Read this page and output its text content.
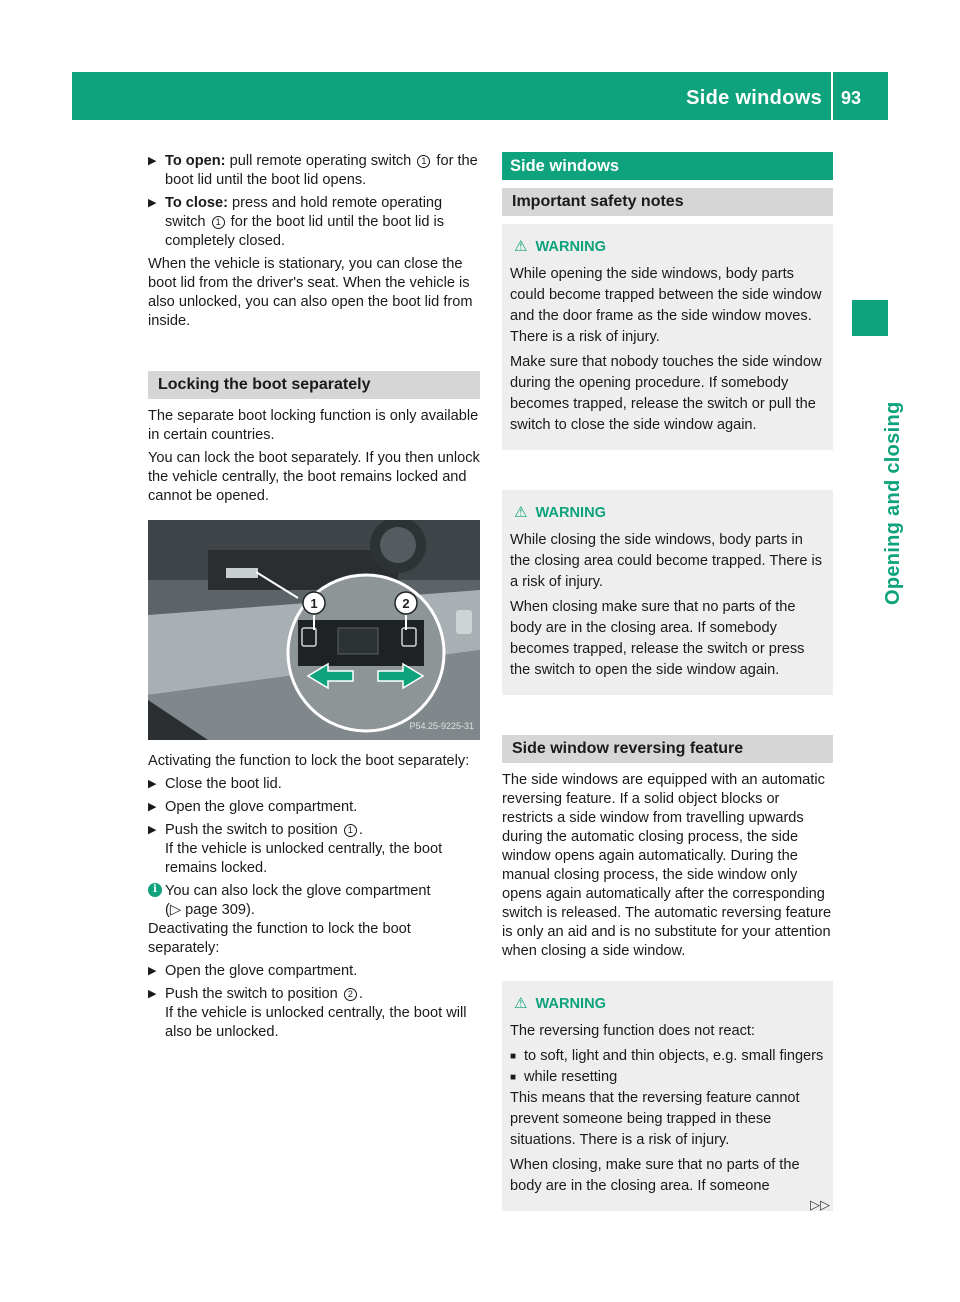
Side windows 93
Opening and closing
▶ To open: pull remote operating switch 1 for the boot lid until the boot lid opens.
▶ To close: press and hold remote operating switch 1 for the boot lid until the boot lid is completely closed.

When the vehicle is stationary, you can close the boot lid from the driver's seat. When the vehicle is also unlocked, you can also open the boot lid from inside.

Locking the boot separately

The separate boot locking function is only available in certain countries.

You can lock the boot separately. If you then unlock the vehicle centrally, the boot remains locked and cannot be opened.

1	2
P54.25-9225-31

Activating the function to lock the boot separately:

▶ Close the boot lid.
▶ Open the glove compartment.
▶ Push the switch to position 1 .
If the vehicle is unlocked centrally, the boot remains locked.
i You can also lock the glove compartment
(▷ page 309).

Deactivating the function to lock the boot separately:

▶ Open the glove compartment.
▶ Push the switch to position 2 .
If the vehicle is unlocked centrally, the boot will also be unlocked.
Side windows
Important safety notes
⚠ WARNING

While opening the side windows, body parts could become trapped between the side window and the door frame as the side window moves. There is a risk of injury.

Make sure that nobody touches the side window during the opening procedure. If somebody becomes trapped, release the switch or pull the switch to close the side window again.

⚠ WARNING

While closing the side windows, body parts in the closing area could become trapped. There is a risk of injury.

When closing make sure that no parts of the body are in the closing area. If somebody becomes trapped, release the switch or press the switch to open the side window again.

Side window reversing feature

The side windows are equipped with an automatic reversing feature. If a solid object blocks or restricts a side window from travelling upwards during the automatic closing process, the side window opens again automatically. During the manual closing process, the side window only opens again automatically after the corresponding switch is released. The automatic reversing feature is only an aid and is no substitute for your attention when closing a side window.

⚠ WARNING

The reversing function does not react:

■ to soft, light and thin objects, e.g. small fingers
■ while resetting

This means that the reversing feature cannot prevent someone being trapped in these situations. There is a risk of injury.

When closing, make sure that no parts of the body are in the closing area. If someone

▷▷
